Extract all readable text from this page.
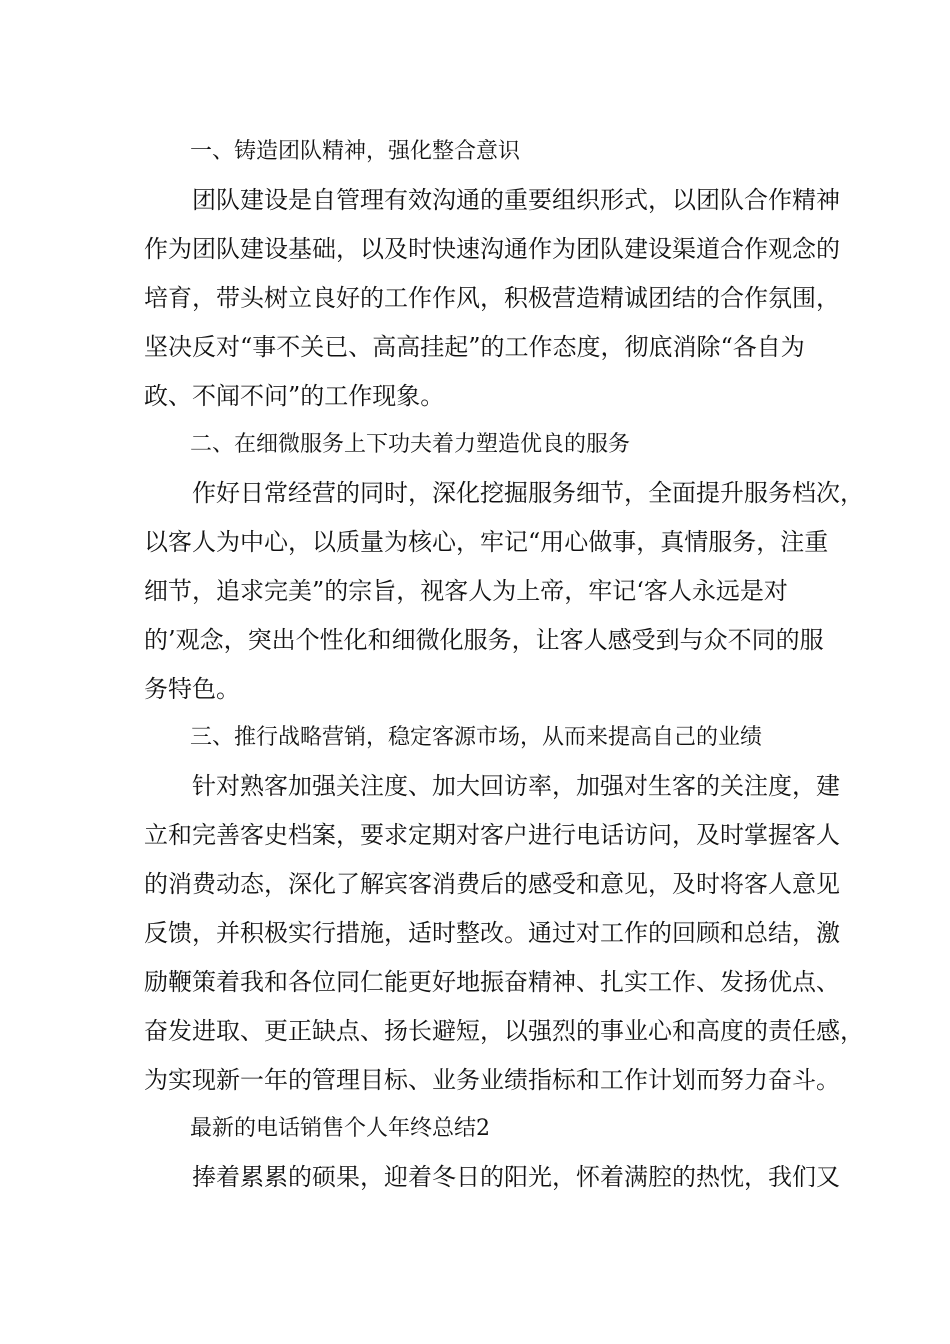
一、铸造团队精神，强化整合意识

团队建设是自管理有效沟通的重要组织形式，以团队合作精神
作为团队建设基础，以及时快速沟通作为团队建设渠道合作观念的
培育，带头树立良好的工作作风，积极营造精诚团结的合作氛围，
坚决反对“事不关已、高高挂起”的工作态度，彻底消除“各自为
政、不闻不问”的工作现象。

二、在细微服务上下功夫着力塑造优良的服务

作好日常经营的同时，深化挖掘服务细节，全面提升服务档次，
以客人为中心，以质量为核心，牢记“用心做事，真情服务，注重
细节，追求完美”的宗旨，视客人为上帝，牢记‘客人永远是对
的’观念，突出个性化和细微化服务，让客人感受到与众不同的服
务特色。

三、推行战略营销，稳定客源市场，从而来提高自己的业绩

针对熟客加强关注度、加大回访率，加强对生客的关注度，建
立和完善客史档案，要求定期对客户进行电话访问，及时掌握客人
的消费动态，深化了解宾客消费后的感受和意见，及时将客人意见
反馈，并积极实行措施，适时整改。通过对工作的回顾和总结，激
励鞭策着我和各位同仁能更好地振奋精神、扎实工作、发扬优点、
奋发进取、更正缺点、扬长避短，以强烈的事业心和高度的责任感，
为实现新一年的管理目标、业务业绩指标和工作计划而努力奋斗。

最新的电话销售个人年终总结2

捧着累累的硕果，迎着冬日的阳光，怀着满腔的热忱，我们又
